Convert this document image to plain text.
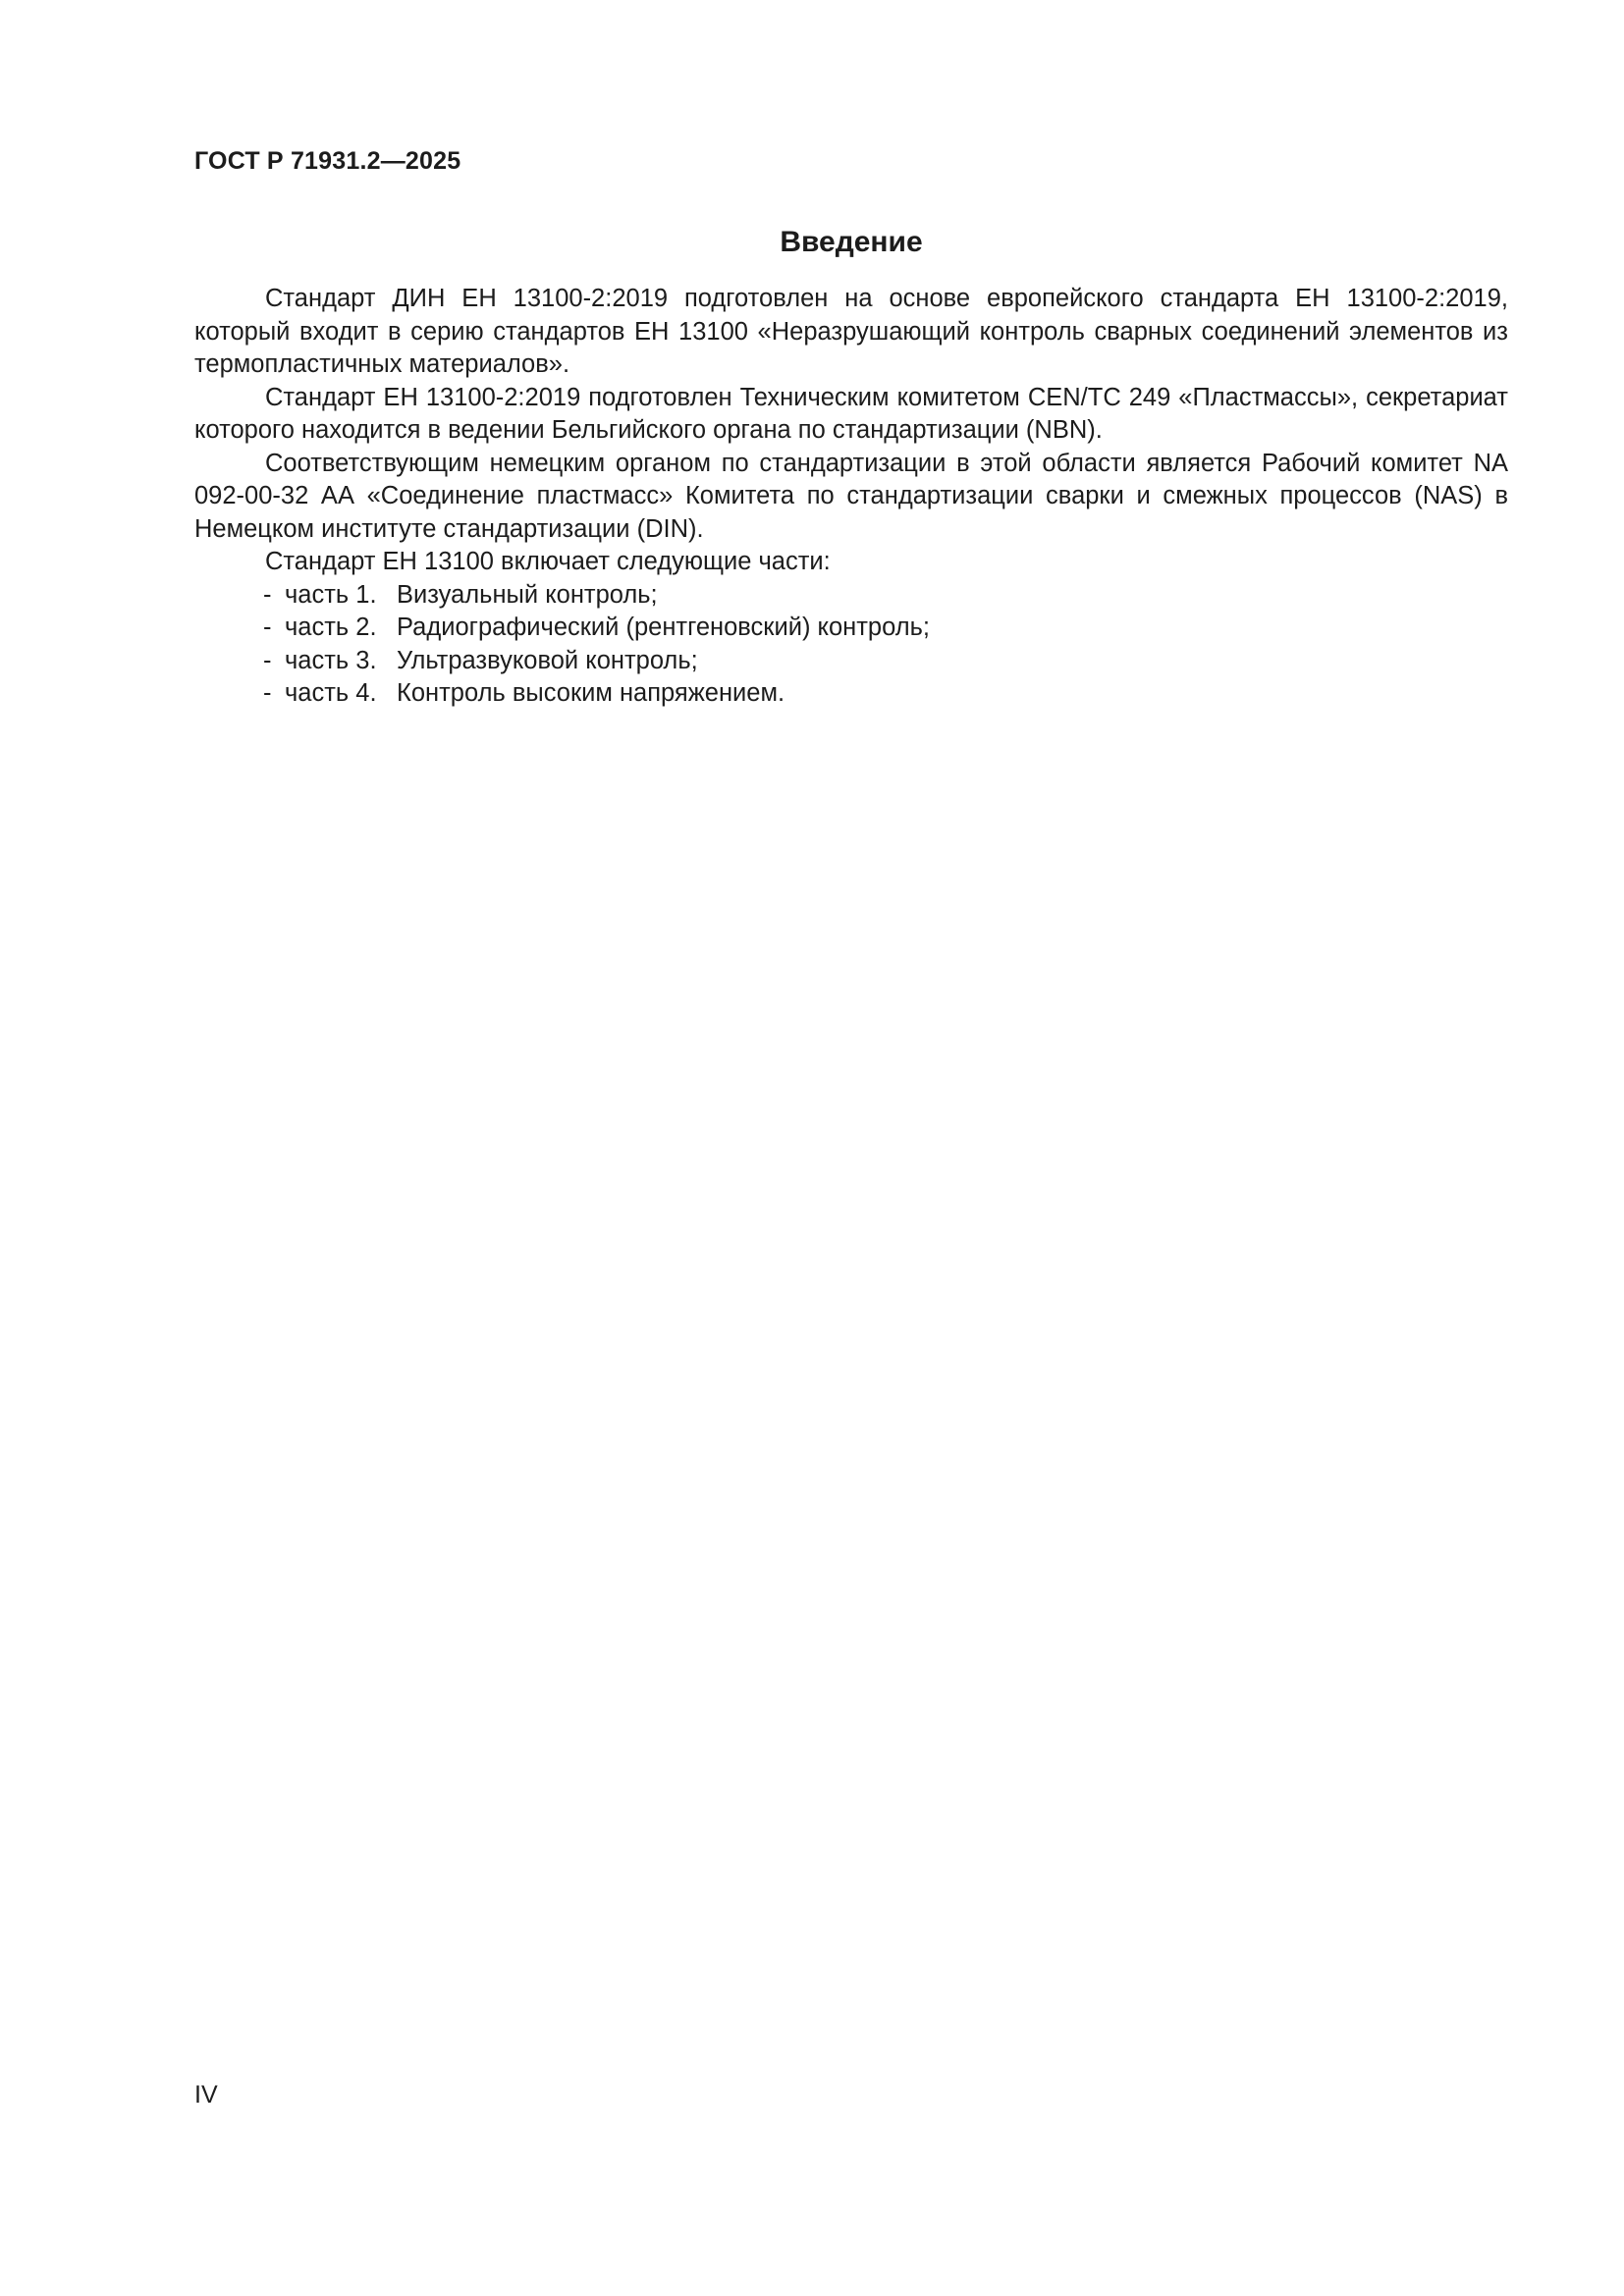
ГОСТ Р 71931.2—2025

Введение

Стандарт ДИН ЕН 13100-2:2019 подготовлен на основе европейского стандарта ЕН 13100-2:2019, который входит в серию стандартов ЕН 13100 «Неразрушающий контроль сварных соединений элементов из термопластичных материалов».

Стандарт ЕН 13100-2:2019 подготовлен Техническим комитетом CEN/TC 249 «Пластмассы», секретариат которого находится в ведении Бельгийского органа по стандартизации (NBN).

Соответствующим немецким органом по стандартизации в этой области является Рабочий комитет NA 092-00-32 АА «Соединение пластмасс» Комитета по стандартизации сварки и смежных процессов (NAS) в Немецком институте стандартизации (DIN).

Стандарт ЕН 13100 включает следующие части:

- часть 1. Визуальный контроль;
- часть 2. Радиографический (рентгеновский) контроль;
- часть 3. Ультразвуковой контроль;
- часть 4. Контроль высоким напряжением.

IV
